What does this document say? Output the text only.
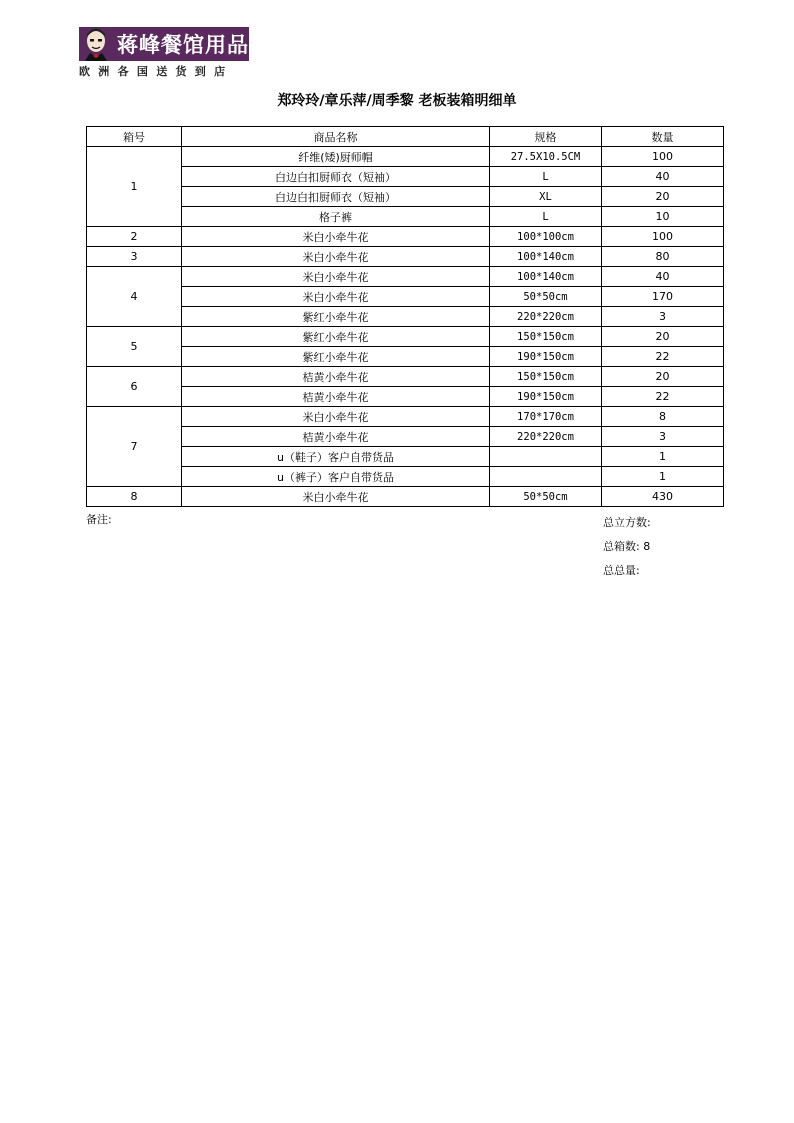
蒋峰餐馆用品
欧洲各国送货到店
郑玲玲/章乐萍/周季黎 老板装箱明细单
箱号	商品名称	规格	数量
1	纤维(矮)厨师帽	27.5X10.5CM	100
	白边白扣厨师衣（短袖）	L	40
	白边白扣厨师衣（短袖）	XL	20
	格子裤	L	10
2	米白小牵牛花	100*100cm	100
3	米白小牵牛花	100*140cm	80
4	米白小牵牛花	100*140cm	40
	米白小牵牛花	50*50cm	170
	紫红小牵牛花	220*220cm	3
5	紫红小牵牛花	150*150cm	20
	紫红小牵牛花	190*150cm	22
6	桔黄小牵牛花	150*150cm	20
	桔黄小牵牛花	190*150cm	22
7	米白小牵牛花	170*170cm	8
	桔黄小牵牛花	220*220cm	3
	u（鞋子）客户自带货品		1
	u（裤子）客户自带货品		1
8	米白小牵牛花	50*50cm	430
备注:	总立方数:
总箱数: 8
总总量:
